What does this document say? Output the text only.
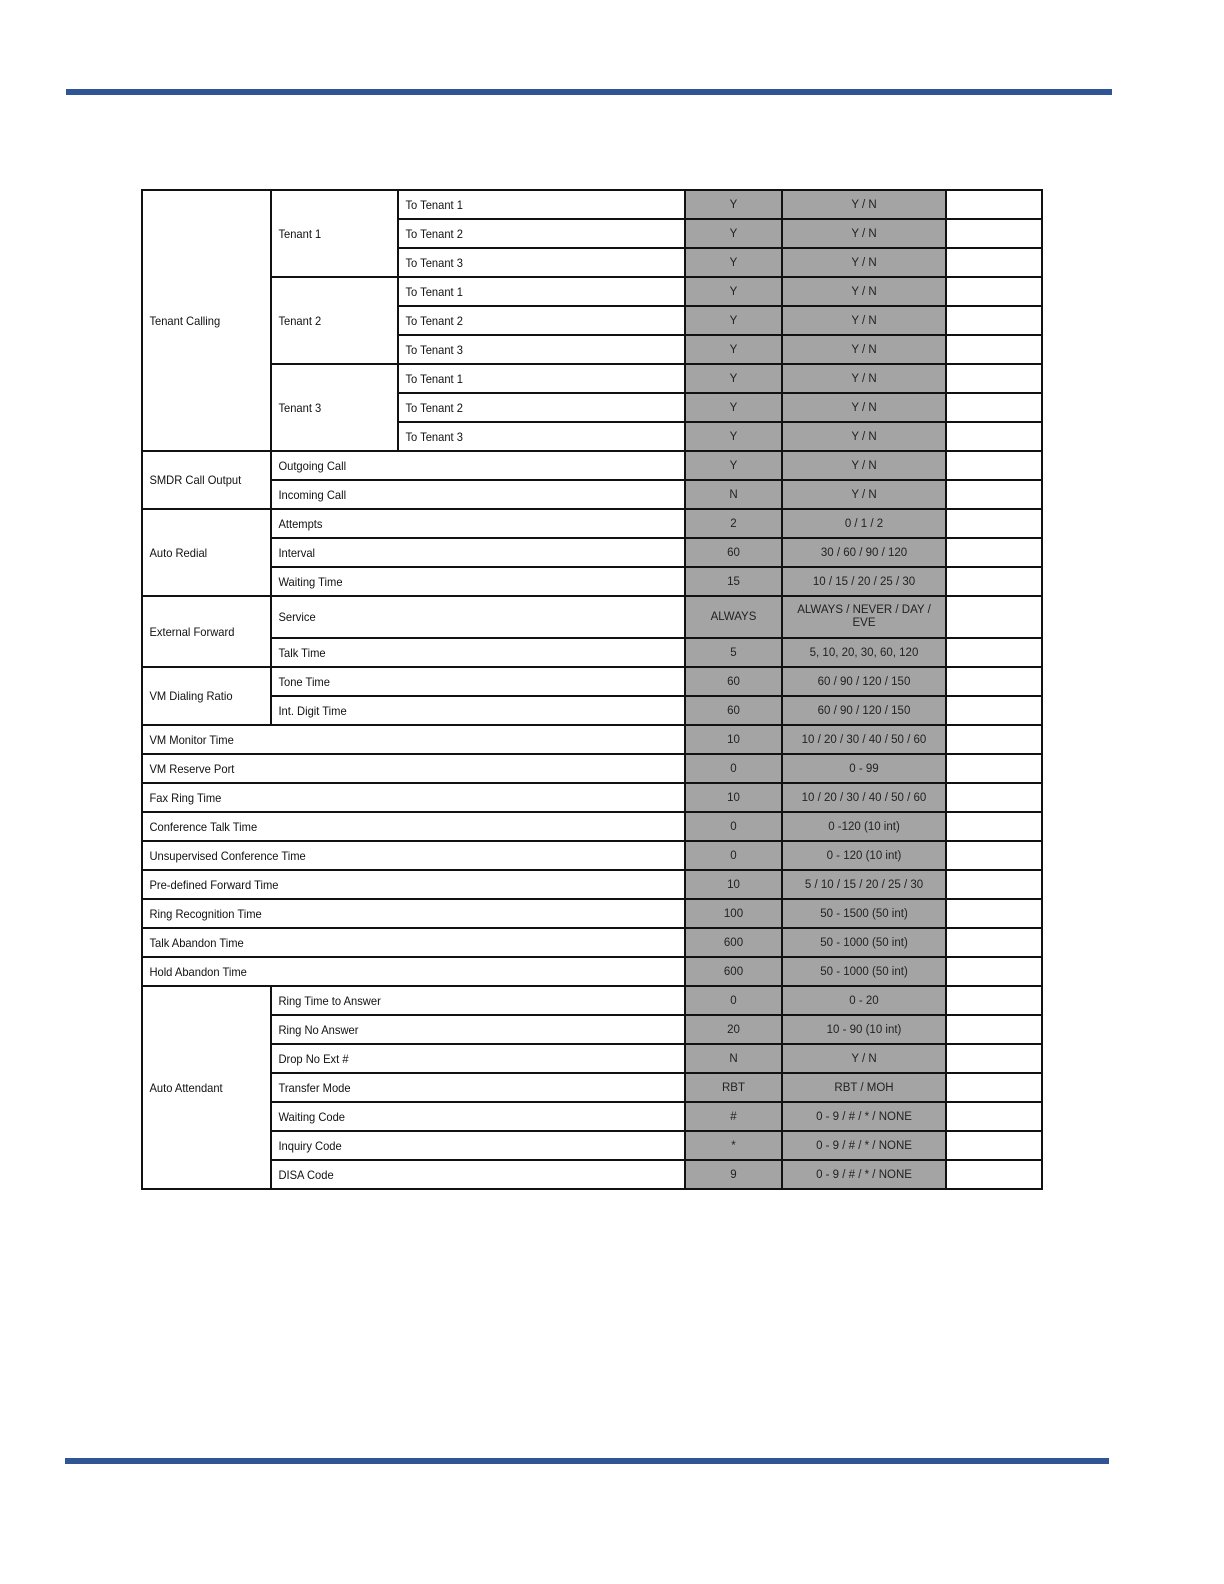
Tenant Calling	Tenant 1	To Tenant 1	Y	Y / N	
		To Tenant 2	Y	Y / N	
		To Tenant 3	Y	Y / N	
	Tenant 2	To Tenant 1	Y	Y / N	
		To Tenant 2	Y	Y / N	
		To Tenant 3	Y	Y / N	
	Tenant 3	To Tenant 1	Y	Y / N	
		To Tenant 2	Y	Y / N	
		To Tenant 3	Y	Y / N	
SMDR Call Output	Outgoing Call		Y	Y / N	
	Incoming Call		N	Y / N	
Auto Redial	Attempts		2	0 / 1 / 2	
	Interval		60	30 / 60 / 90 / 120	
	Waiting Time		15	10 / 15 / 20 / 25 / 30	
External Forward	Service		ALWAYS	ALWAYS / NEVER / DAY / EVE	
	Talk Time		5	5, 10, 20, 30, 60, 120	
VM Dialing Ratio	Tone Time		60	60 / 90 / 120 / 150	
	Int. Digit Time		60	60 / 90 / 120 / 150	
VM Monitor Time			10	10 / 20 / 30 / 40 / 50 / 60	
VM Reserve Port			0	0 - 99	
Fax Ring Time			10	10 / 20 / 30 / 40 / 50 / 60	
Conference Talk Time			0	0 -120 (10 int)	
Unsupervised Conference Time			0	0 - 120 (10 int)	
Pre-defined Forward Time			10	5 / 10 / 15 / 20 / 25 / 30	
Ring Recognition Time			100	50 - 1500 (50 int)	
Talk Abandon Time			600	50 - 1000 (50 int)	
Hold Abandon Time			600	50 - 1000 (50 int)	
Auto Attendant	Ring Time to Answer		0	0 - 20	
	Ring No Answer		20	10 - 90 (10 int)	
	Drop No Ext #		N	Y / N	
	Transfer Mode		RBT	RBT / MOH	
	Waiting Code		#	0 - 9 / # / * / NONE	
	Inquiry Code		*	0 - 9 / # / * / NONE	
	DISA Code		9	0 - 9 / # / * / NONE	
